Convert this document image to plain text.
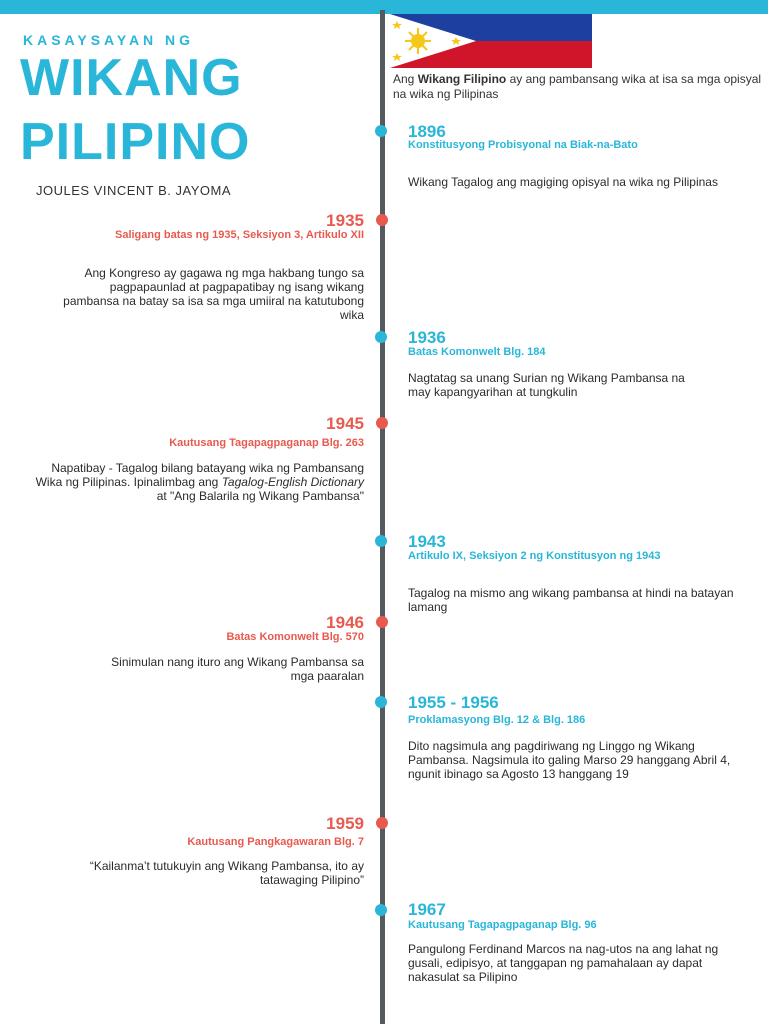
KASAYSAYAN NG
WIKANG
PILIPINO
JOULES VINCENT B. JAYOMA
Ang Wikang Filipino ay ang pambansang wika at isa sa mga opisyal na wika ng Pilipinas
1896
Konstitusyong Probisyonal na Biak-na-Bato
Wikang Tagalog ang magiging opisyal na wika ng Pilipinas
1935
Saligang batas ng 1935, Seksiyon 3, Artikulo XII
Ang Kongreso ay gagawa ng mga hakbang tungo sa pagpapaunlad at pagpapatibay ng isang wikang pambansa na batay sa isa sa mga umiiral na katutubong wika
1936
Batas Komonwelt Blg. 184
Nagtatag sa unang Surian ng Wikang Pambansa na may kapangyarihan at tungkulin
1945
Kautusang Tagapagpaganap Blg. 263
Napatibay - Tagalog bilang batayang wika ng Pambansang Wika ng Pilipinas. Ipinalimbag ang Tagalog-English Dictionary at "Ang Balarila ng Wikang Pambansa"
1943
Artikulo IX, Seksiyon 2 ng Konstitusyon ng 1943
Tagalog na mismo ang wikang pambansa at hindi na batayan lamang
1946
Batas Komonwelt Blg. 570
Sinimulan nang ituro ang Wikang Pambansa sa mga paaralan
1955 - 1956
Proklamasyong Blg. 12 & Blg. 186
Dito nagsimula ang pagdiriwang ng Linggo ng Wikang Pambansa. Nagsimula ito galing Marso 29 hanggang Abril 4, ngunit ibinago sa Agosto 13 hanggang 19
1959
Kautusang Pangkagawaran Blg. 7
“Kailanma’t tutukuyin ang Wikang Pambansa, ito ay tatawaging Pilipino”
1967
Kautusang Tagapagpaganap Blg. 96
Pangulong Ferdinand Marcos na nag-utos na ang lahat ng gusali, edipisyo, at tanggapan ng pamahalaan ay dapat nakasulat sa Pilipino
